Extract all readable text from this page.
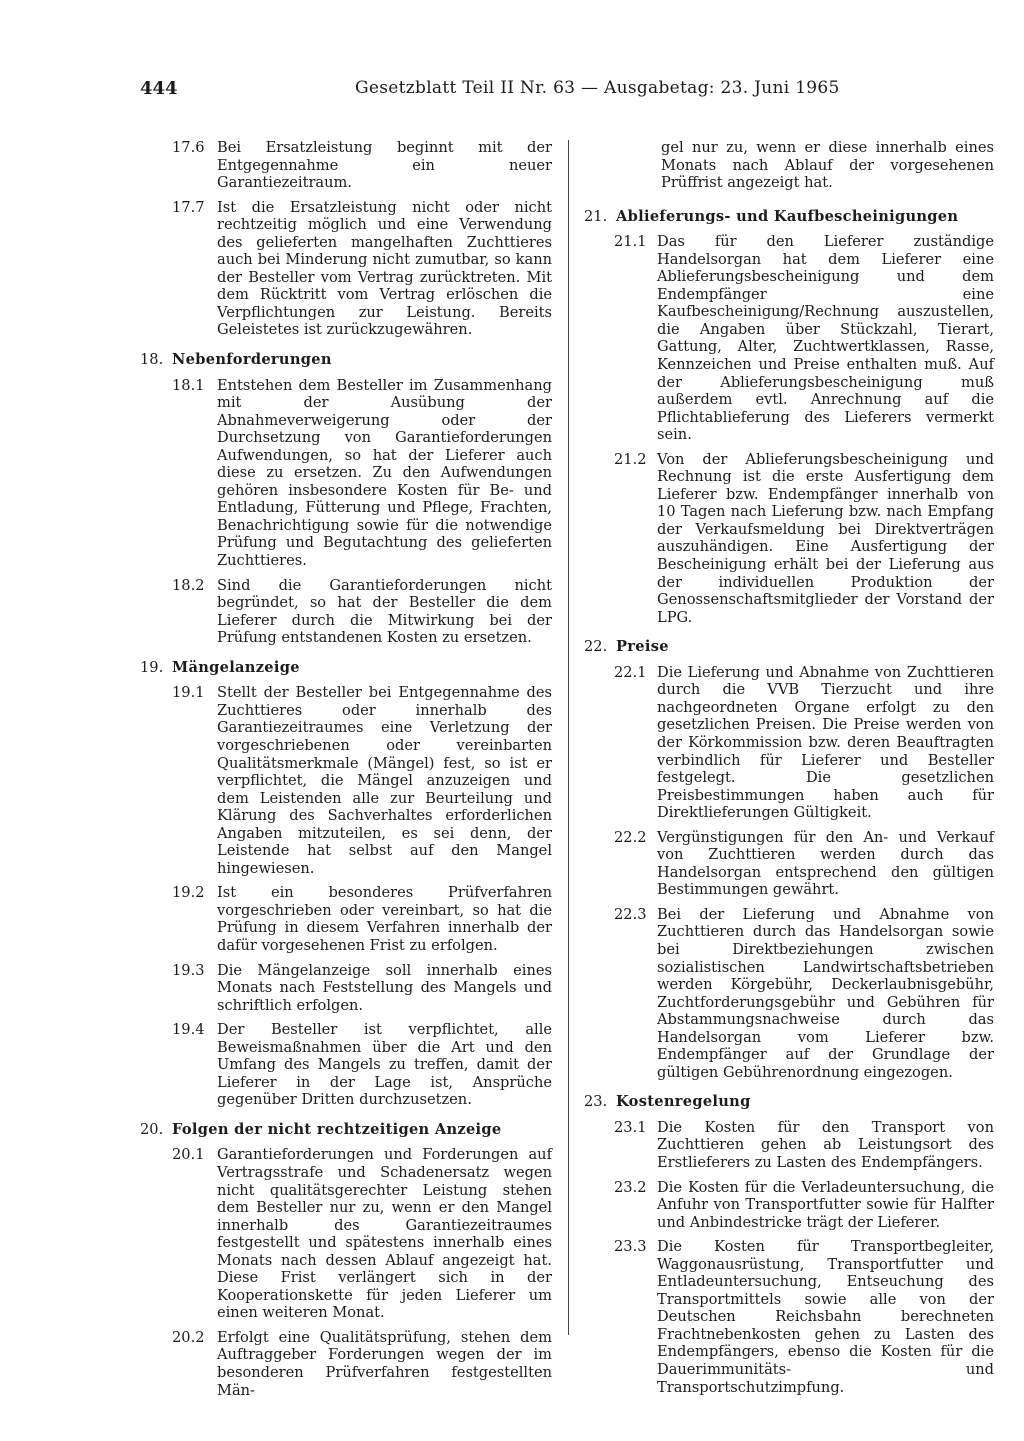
444	Gesetzblatt Teil II Nr. 63 — Ausgabetag: 23. Juni 1965
17.6 Bei Ersatzleistung beginnt mit der Entgegennahme ein neuer Garantiezeitraum.
17.7 Ist die Ersatzleistung nicht oder nicht rechtzeitig möglich und eine Verwendung des gelieferten mangelhaften Zuchttieres auch bei Minderung nicht zumutbar, so kann der Besteller vom Vertrag zurücktreten. Mit dem Rücktritt vom Vertrag erlöschen die Verpflichtungen zur Leistung. Bereits Geleistetes ist zurückzugewähren.
18. Nebenforderungen
18.1 Entstehen dem Besteller im Zusammenhang mit der Ausübung der Abnahmeverweigerung oder der Durchsetzung von Garantieforderungen Aufwendungen, so hat der Lieferer auch diese zu ersetzen. Zu den Aufwendungen gehören insbesondere Kosten für Be- und Entladung, Fütterung und Pflege, Frachten, Benachrichtigung sowie für die notwendige Prüfung und Begutachtung des gelieferten Zuchttieres.
18.2 Sind die Garantieforderungen nicht begründet, so hat der Besteller die dem Lieferer durch die Mitwirkung bei der Prüfung entstandenen Kosten zu ersetzen.
19. Mängelanzeige
19.1 Stellt der Besteller bei Entgegennahme des Zuchttieres oder innerhalb des Garantiezeitraumes eine Verletzung der vorgeschriebenen oder vereinbarten Qualitätsmerkmale (Mängel) fest, so ist er verpflichtet, die Mängel anzuzeigen und dem Leistenden alle zur Beurteilung und Klärung des Sachverhaltes erforderlichen Angaben mitzuteilen, es sei denn, der Leistende hat selbst auf den Mangel hingewiesen.
19.2 Ist ein besonderes Prüfverfahren vorgeschrieben oder vereinbart, so hat die Prüfung in diesem Verfahren innerhalb der dafür vorgesehenen Frist zu erfolgen.
19.3 Die Mängelanzeige soll innerhalb eines Monats nach Feststellung des Mangels und schriftlich erfolgen.
19.4 Der Besteller ist verpflichtet, alle Beweismaßnahmen über die Art und den Umfang des Mangels zu treffen, damit der Lieferer in der Lage ist, Ansprüche gegenüber Dritten durchzusetzen.
20. Folgen der nicht rechtzeitigen Anzeige
20.1 Garantieforderungen und Forderungen auf Vertragsstrafe und Schadenersatz wegen nicht qualitätsgerechter Leistung stehen dem Besteller nur zu, wenn er den Mangel innerhalb des Garantiezeitraumes festgestellt und spätestens innerhalb eines Monats nach dessen Ablauf angezeigt hat. Diese Frist verlängert sich in der Kooperationskette für jeden Lieferer um einen weiteren Monat.
20.2 Erfolgt eine Qualitätsprüfung, stehen dem Auftraggeber Forderungen wegen der im besonderen Prüfverfahren festgestellten Män-
gel nur zu, wenn er diese innerhalb eines Monats nach Ablauf der vorgesehenen Prüffrist angezeigt hat.
21. Ablieferungs- und Kaufbescheinigungen
21.1 Das für den Lieferer zuständige Handelsorgan hat dem Lieferer eine Ablieferungsbescheinigung und dem Endempfänger eine Kaufbescheinigung/Rechnung auszustellen, die Angaben über Stückzahl, Tierart, Gattung, Alter, Zuchtwertklassen, Rasse, Kennzeichen und Preise enthalten muß. Auf der Ablieferungsbescheinigung muß außerdem evtl. Anrechnung auf die Pflichtablieferung des Lieferers vermerkt sein.
21.2 Von der Ablieferungsbescheinigung und Rechnung ist die erste Ausfertigung dem Lieferer bzw. Endempfänger innerhalb von 10 Tagen nach Lieferung bzw. nach Empfang der Verkaufsmeldung bei Direktverträgen auszuhändigen. Eine Ausfertigung der Bescheinigung erhält bei der Lieferung aus der individuellen Produktion der Genossenschaftsmitglieder der Vorstand der LPG.
22. Preise
22.1 Die Lieferung und Abnahme von Zuchttieren durch die VVB Tierzucht und ihre nachgeordneten Organe erfolgt zu den gesetzlichen Preisen. Die Preise werden von der Körkommission bzw. deren Beauftragten verbindlich für Lieferer und Besteller festgelegt. Die gesetzlichen Preisbestimmungen haben auch für Direktlieferungen Gültigkeit.
22.2 Vergünstigungen für den An- und Verkauf von Zuchttieren werden durch das Handelsorgan entsprechend den gültigen Bestimmungen gewährt.
22.3 Bei der Lieferung und Abnahme von Zuchttieren durch das Handelsorgan sowie bei Direktbeziehungen zwischen sozialistischen Landwirtschaftsbetrieben werden Körgebühr, Deckerlaubnisgebühr, Zuchtforderungsgebühr und Gebühren für Abstammungsnachweise durch das Handelsorgan vom Lieferer bzw. Endempfänger auf der Grundlage der gültigen Gebührenordnung eingezogen.
23. Kostenregelung
23.1 Die Kosten für den Transport von Zuchttieren gehen ab Leistungsort des Erstlieferers zu Lasten des Endempfängers.
23.2 Die Kosten für die Verladeuntersuchung, die Anfuhr von Transportfutter sowie für Halfter und Anbindestricke trägt der Lieferer.
23.3 Die Kosten für Transportbegleiter, Waggonausrüstung, Transportfutter und Entladeuntersuchung, Entseuchung des Transportmittels sowie alle von der Deutschen Reichsbahn berechneten Frachtnebenkosten gehen zu Lasten des Endempfängers, ebenso die Kosten für die Dauerimmunitäts- und Transportschutzimpfung.
